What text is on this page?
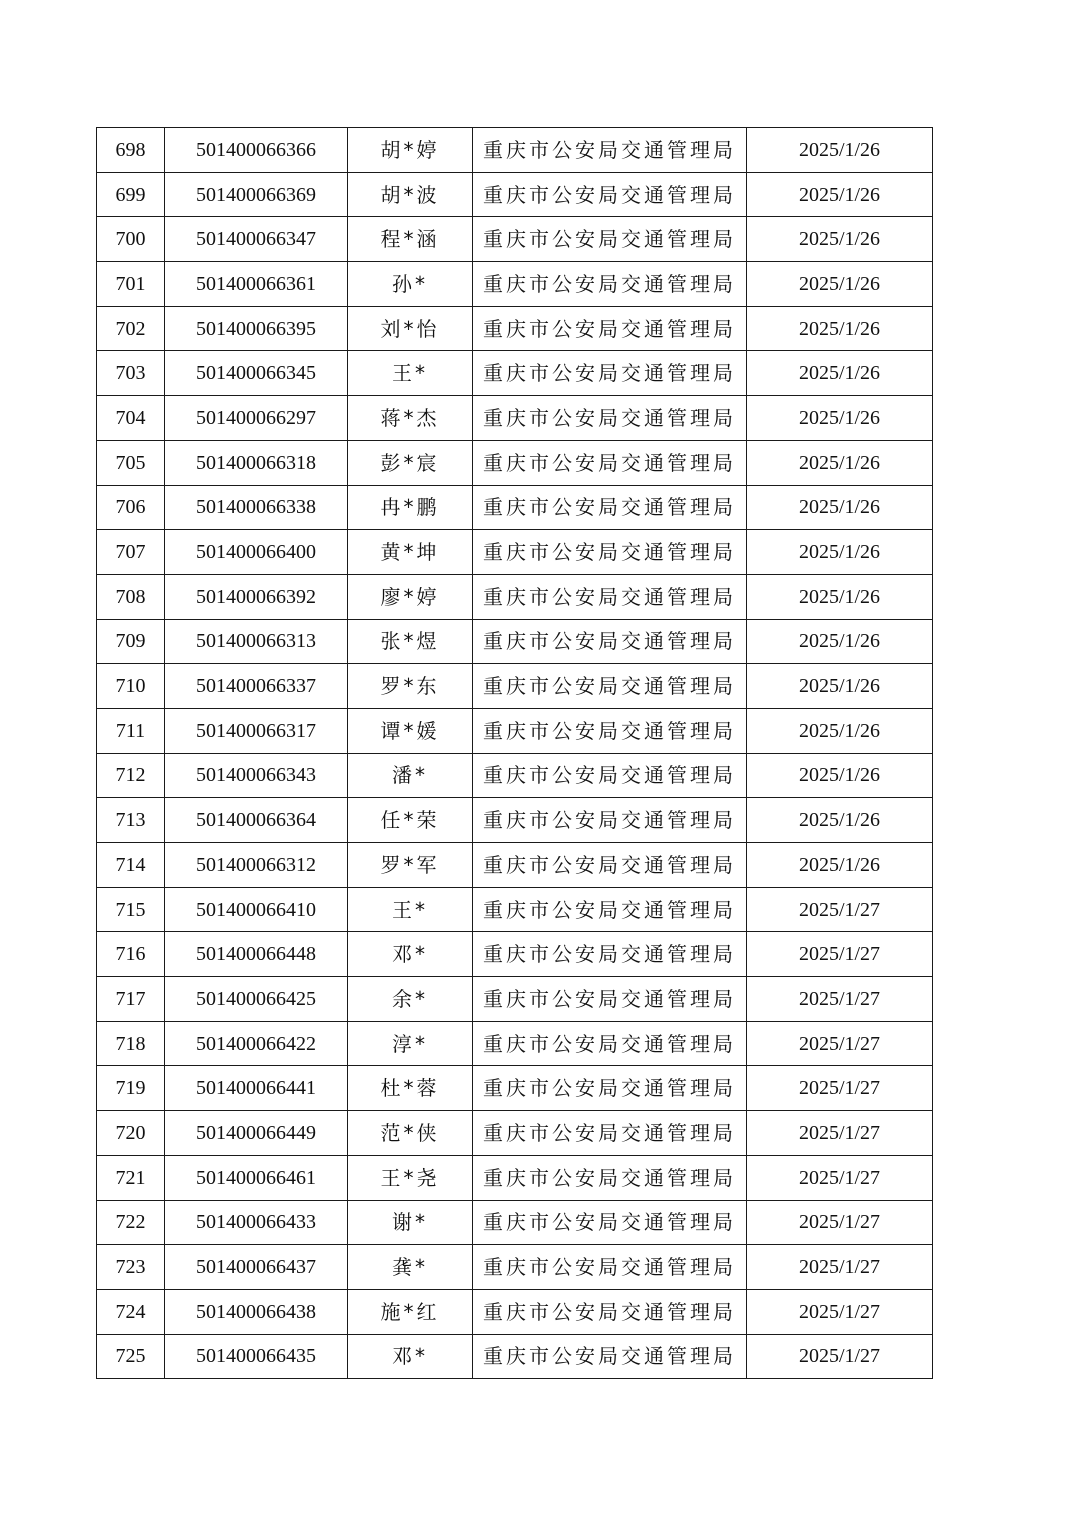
698	501400066366	胡*婷	重庆市公安局交通管理局	2025/1/26
699	501400066369	胡*波	重庆市公安局交通管理局	2025/1/26
700	501400066347	程*涵	重庆市公安局交通管理局	2025/1/26
701	501400066361	孙*	重庆市公安局交通管理局	2025/1/26
702	501400066395	刘*怡	重庆市公安局交通管理局	2025/1/26
703	501400066345	王*	重庆市公安局交通管理局	2025/1/26
704	501400066297	蒋*杰	重庆市公安局交通管理局	2025/1/26
705	501400066318	彭*宸	重庆市公安局交通管理局	2025/1/26
706	501400066338	冉*鹏	重庆市公安局交通管理局	2025/1/26
707	501400066400	黄*坤	重庆市公安局交通管理局	2025/1/26
708	501400066392	廖*婷	重庆市公安局交通管理局	2025/1/26
709	501400066313	张*煜	重庆市公安局交通管理局	2025/1/26
710	501400066337	罗*东	重庆市公安局交通管理局	2025/1/26
711	501400066317	谭*媛	重庆市公安局交通管理局	2025/1/26
712	501400066343	潘*	重庆市公安局交通管理局	2025/1/26
713	501400066364	任*荣	重庆市公安局交通管理局	2025/1/26
714	501400066312	罗*军	重庆市公安局交通管理局	2025/1/26
715	501400066410	王*	重庆市公安局交通管理局	2025/1/27
716	501400066448	邓*	重庆市公安局交通管理局	2025/1/27
717	501400066425	余*	重庆市公安局交通管理局	2025/1/27
718	501400066422	淳*	重庆市公安局交通管理局	2025/1/27
719	501400066441	杜*蓉	重庆市公安局交通管理局	2025/1/27
720	501400066449	范*侠	重庆市公安局交通管理局	2025/1/27
721	501400066461	王*尧	重庆市公安局交通管理局	2025/1/27
722	501400066433	谢*	重庆市公安局交通管理局	2025/1/27
723	501400066437	龚*	重庆市公安局交通管理局	2025/1/27
724	501400066438	施*红	重庆市公安局交通管理局	2025/1/27
725	501400066435	邓*	重庆市公安局交通管理局	2025/1/27
